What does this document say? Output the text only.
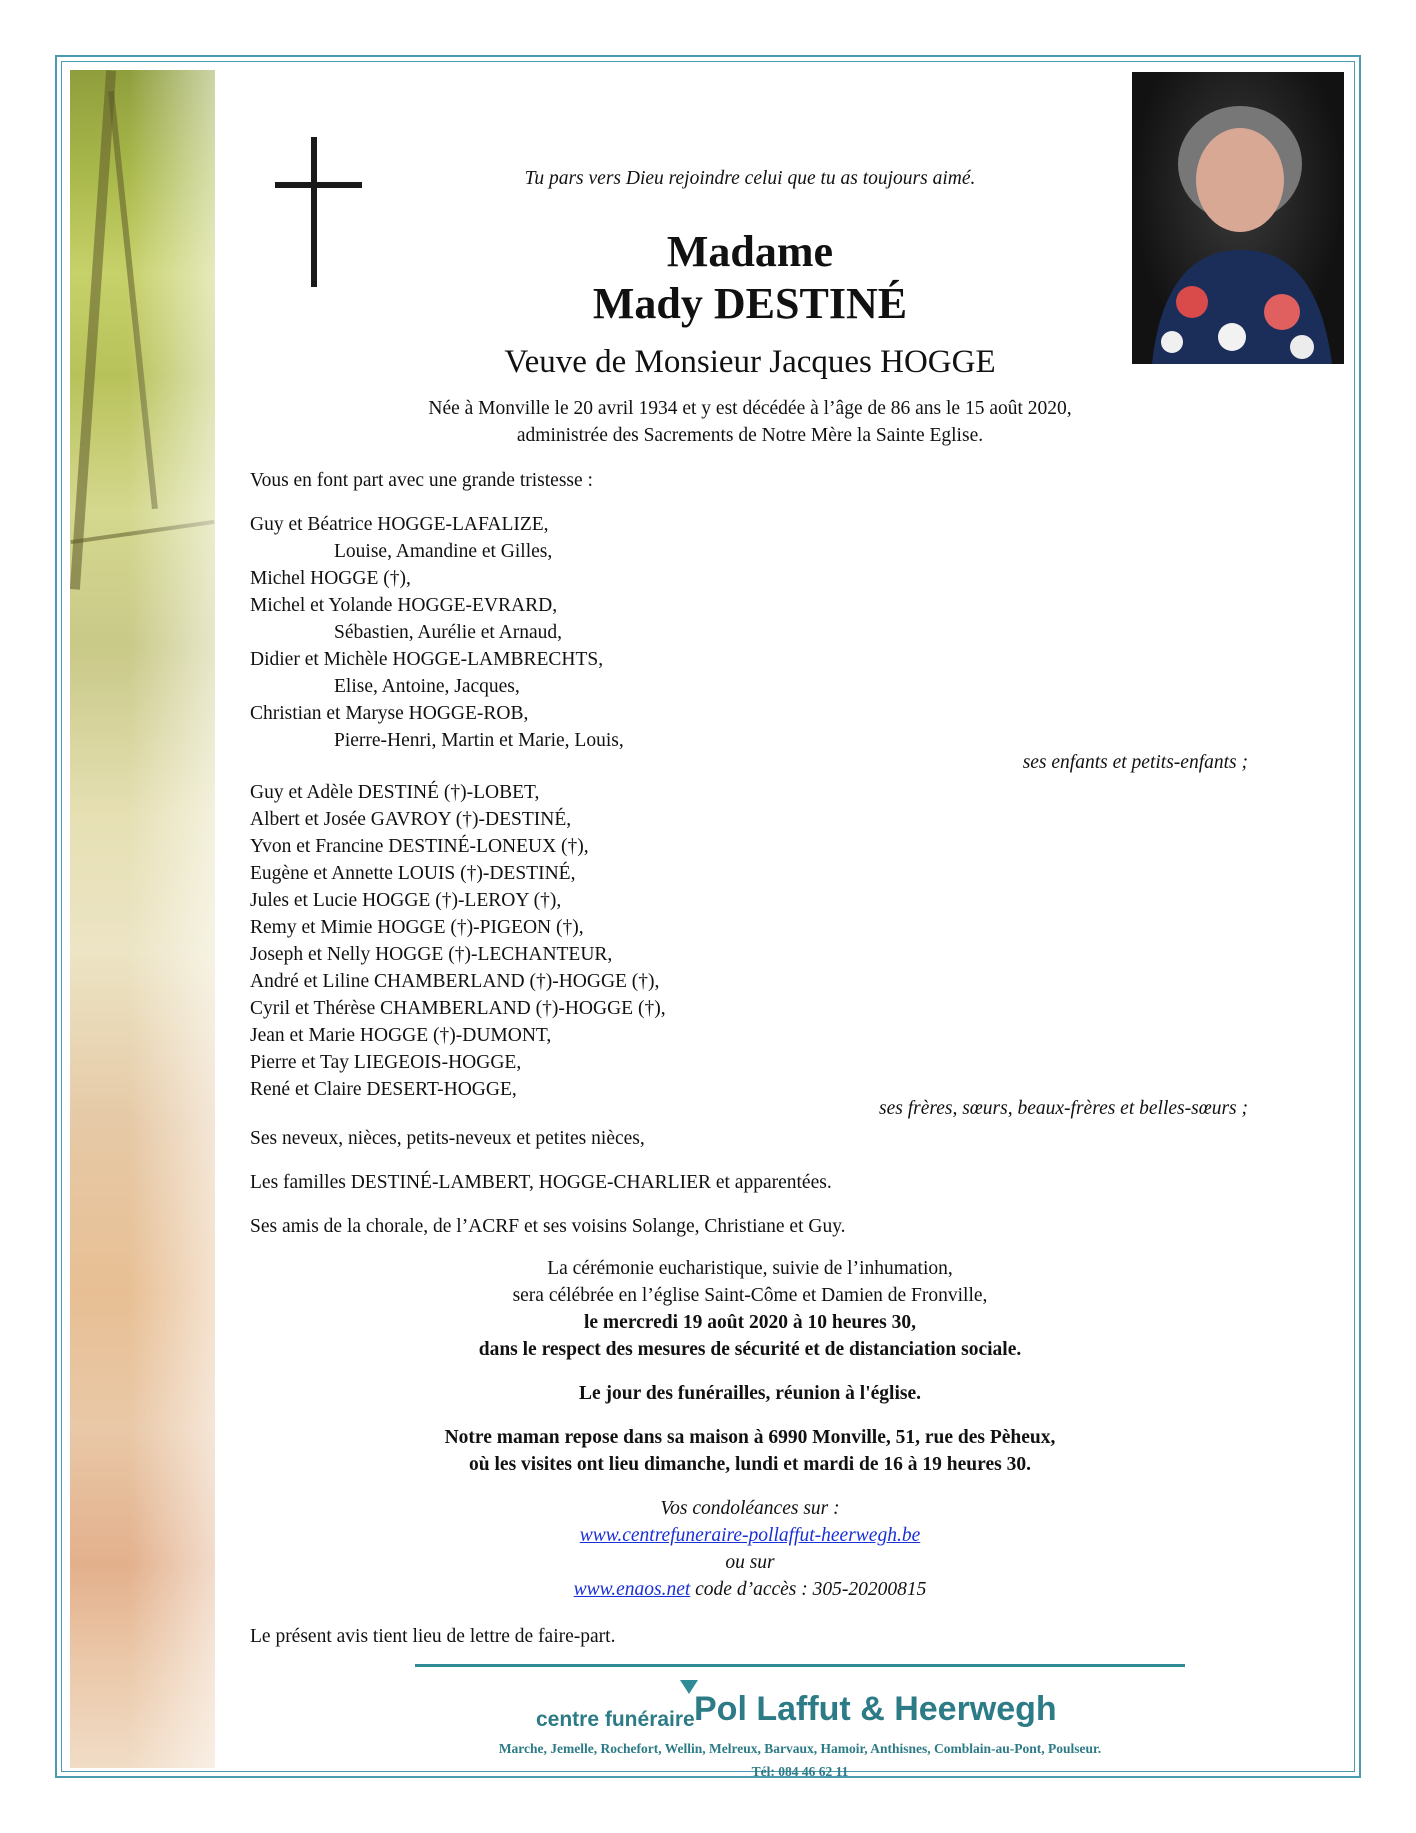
Tu pars vers Dieu rejoindre celui que tu as toujours aimé.
Madame
Mady DESTINÉ
Veuve de Monsieur Jacques HOGGE
Née à Monville le 20 avril 1934 et y est décédée à l’âge de 86 ans le 15 août 2020,
administrée des Sacrements de Notre Mère la Sainte Eglise.
Vous en font part avec une grande tristesse :
Guy et Béatrice HOGGE-LAFALIZE,
Louise, Amandine et Gilles,
Michel HOGGE (†),
Michel et Yolande HOGGE-EVRARD,
Sébastien, Aurélie et Arnaud,
Didier et Michèle HOGGE-LAMBRECHTS,
Elise, Antoine, Jacques,
Christian et Maryse HOGGE-ROB,
Pierre-Henri, Martin et Marie, Louis,
ses enfants et petits-enfants ;
Guy et Adèle DESTINÉ (†)-LOBET,
Albert et Josée GAVROY (†)-DESTINÉ,
Yvon et Francine DESTINÉ-LONEUX (†),
Eugène et Annette LOUIS (†)-DESTINÉ,
Jules et Lucie HOGGE (†)-LEROY (†),
Remy et Mimie HOGGE (†)-PIGEON (†),
Joseph et Nelly HOGGE (†)-LECHANTEUR,
André et Liline CHAMBERLAND (†)-HOGGE (†),
Cyril et Thérèse CHAMBERLAND (†)-HOGGE (†),
Jean et Marie HOGGE (†)-DUMONT,
Pierre et Tay LIEGEOIS-HOGGE,
René et Claire DESERT-HOGGE,
ses frères, sœurs, beaux-frères et belles-sœurs ;
Ses neveux, nièces, petits-neveux et petites nièces,
Les familles DESTINÉ-LAMBERT, HOGGE-CHARLIER et apparentées.
Ses amis de la chorale, de l’ACRF et ses voisins Solange, Christiane et Guy.
La cérémonie eucharistique, suivie de l’inhumation,
sera célébrée en l’église Saint-Côme et Damien de Fronville,
le mercredi 19 août 2020 à 10 heures 30,
dans le respect des mesures de sécurité et de distanciation sociale.
Le jour des funérailles, réunion à l'église.
Notre maman repose dans sa maison à 6990 Monville, 51, rue des Pèheux,
où les visites ont lieu dimanche, lundi et mardi de 16 à 19 heures 30.
Vos condoléances sur :
www.centrefuneraire-pollaffut-heerwegh.be
ou sur
www.enaos.net code d’accès : 305-20200815
Le présent avis tient lieu de lettre de faire-part.
centre funéraire Pol Laffut & Heerwegh
Marche, Jemelle, Rochefort, Wellin, Melreux, Barvaux, Hamoir, Anthisnes, Comblain-au-Pont, Poulseur.
Tél: 084 46 62 11
